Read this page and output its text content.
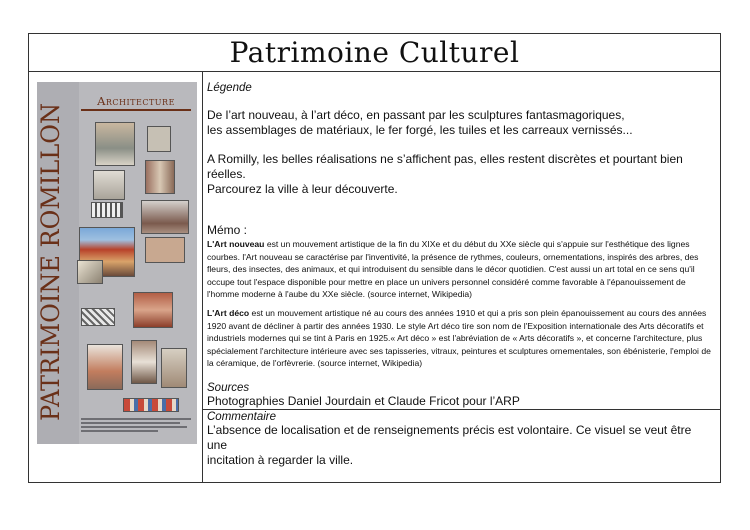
Patrimoine Culturel
PATRIMOINE ROMILLON	Architecture

Légende

De l’art nouveau, à l’art déco, en passant par les sculptures fantasmagoriques,

les assemblages de matériaux, le fer forgé, les tuiles et les carreaux vernissés...

A Romilly, les belles réalisations ne s’affichent pas, elles restent discrètes et pourtant bien réelles.

Parcourez la ville à leur découverte.

Mémo :

L'Art nouveau est un mouvement artistique de la fin du XIXe et du début du XXe siècle qui s'appuie sur l'esthétique des lignes courbes. l'Art nouveau se caractérise par l'inventivité, la présence de rythmes, couleurs, ornementations, inspirés des arbres, des fleurs, des insectes, des animaux, et qui introduisent du sensible dans le décor quotidien. C'est aussi un art total en ce sens qu'il occupe tout l'espace disponible pour mettre en place un univers personnel considéré comme favorable à l'épanouissement de l'homme moderne à l'aube du XXe siècle. (source internet, Wikipedia)

L'Art déco est un mouvement artistique né au cours des années 1910 et qui a pris son plein épanouissement au cours des années 1920 avant de décliner à partir des années 1930. Le style Art déco tire son nom de l'Exposition internationale des Arts décoratifs et industriels modernes qui se tint à Paris en 1925.« Art déco » est l'abréviation de « Arts décoratifs », et concerne l'architecture, plus spécialement l'architecture intérieure avec ses tapisseries, vitraux, peintures et sculptures ornementales, son ébénisterie, l'emploi de la céramique, de l'orfèvrerie. (source internet, Wikipedia)

Sources

Photographies Daniel Jourdain et Claude Fricot pour l’ARP

Commentaire

L’absence de localisation et de renseignements précis est volontaire. Ce visuel se veut être une

incitation à regarder la ville.
